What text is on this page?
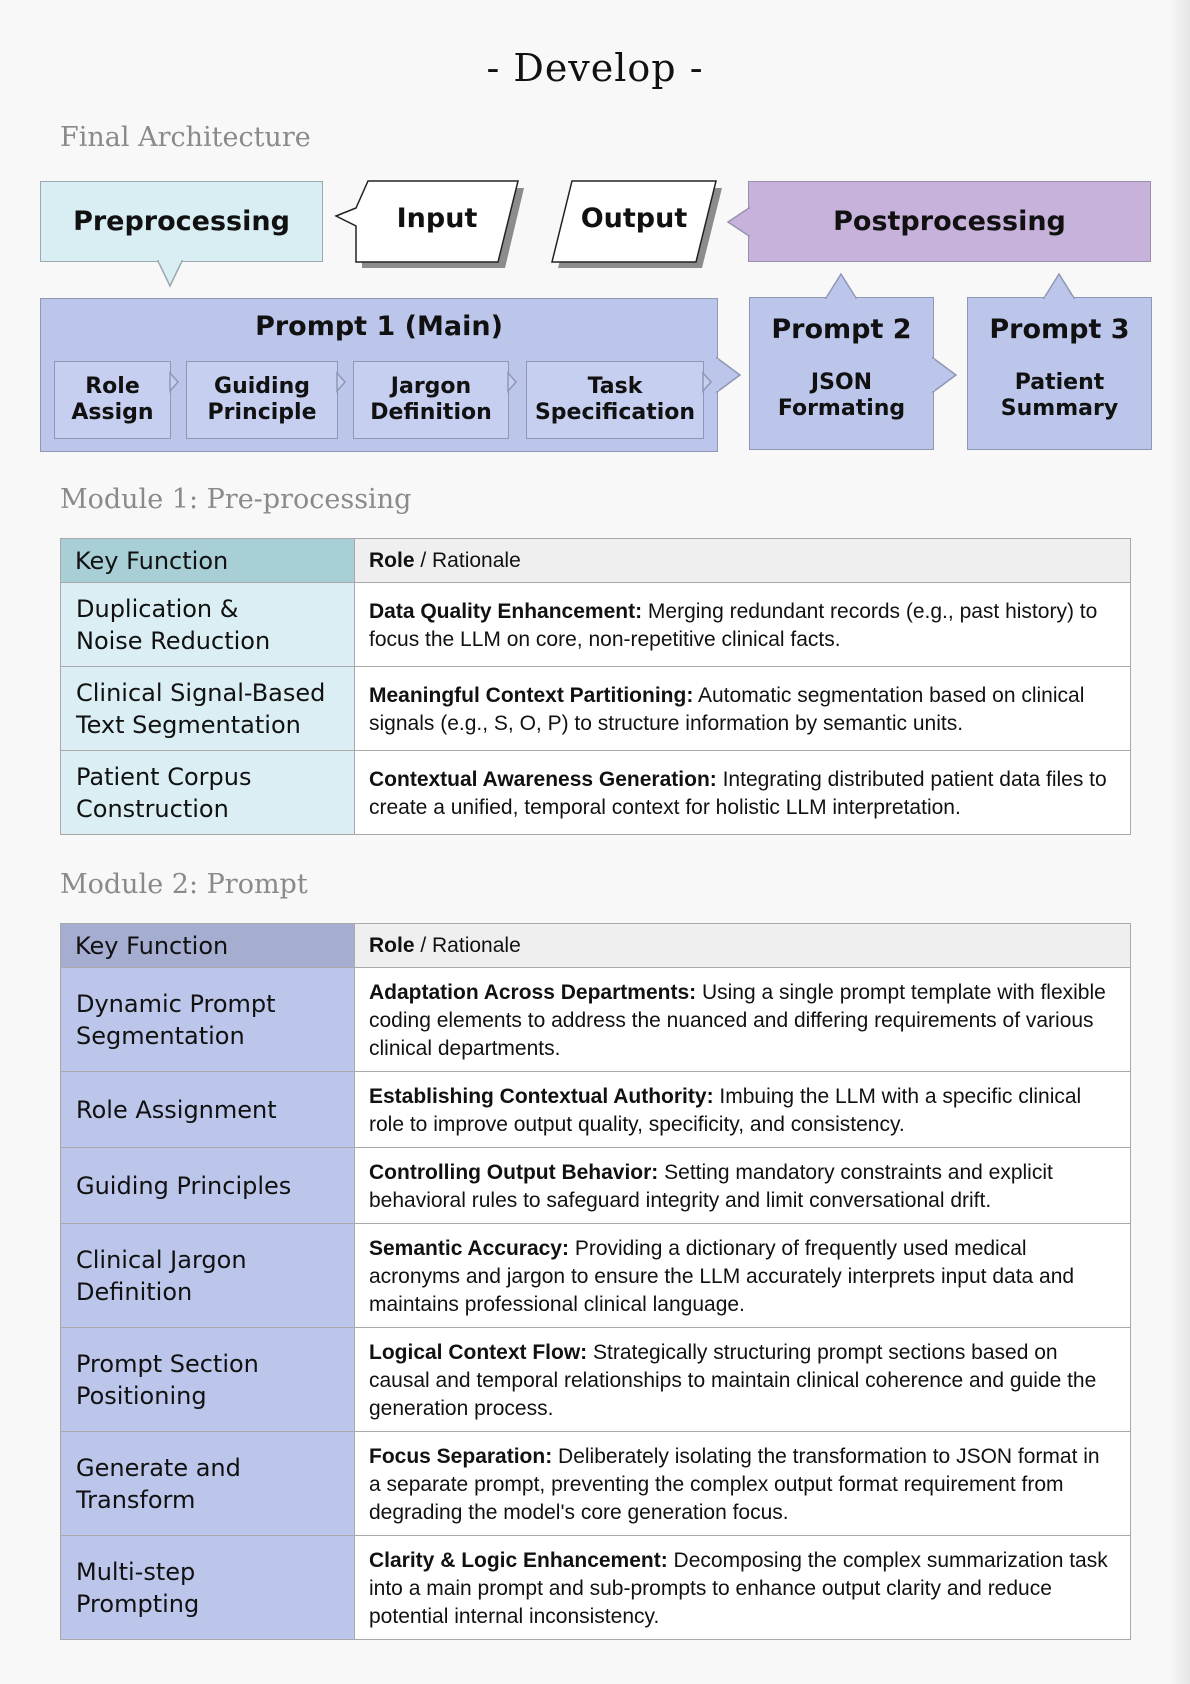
- Develop -
Final Architecture
Preprocessing	Postprocessing
Input	Output
Prompt 1 (Main)
Role
Assign
Guiding
Principle
Jargon
Definition
Task
Specification
Prompt 2
JSON
Formating
Prompt 3
Patient
Summary
Module 1: Pre-processing
Key Function	Role / Rationale
Duplication &
Noise Reduction	Data Quality Enhancement: Merging redundant records (e.g., past history) to focus the LLM on core, non-repetitive clinical facts.
Clinical Signal-Based
Text Segmentation	Meaningful Context Partitioning: Automatic segmentation based on clinical signals (e.g., S, O, P) to structure information by semantic units.
Patient Corpus
Construction	Contextual Awareness Generation: Integrating distributed patient data files to create a unified, temporal context for holistic LLM interpretation.
Module 2: Prompt
Key Function	Role / Rationale
Dynamic Prompt
Segmentation	Adaptation Across Departments: Using a single prompt template with flexible coding elements to address the nuanced and differing requirements of various clinical departments.
Role Assignment	Establishing Contextual Authority: Imbuing the LLM with a specific clinical role to improve output quality, specificity, and consistency.
Guiding Principles	Controlling Output Behavior: Setting mandatory constraints and explicit behavioral rules to safeguard integrity and limit conversational drift.
Clinical Jargon
Definition	Semantic Accuracy: Providing a dictionary of frequently used medical acronyms and jargon to ensure the LLM accurately interprets input data and maintains professional clinical language.
Prompt Section
Positioning	Logical Context Flow: Strategically structuring prompt sections based on causal and temporal relationships to maintain clinical coherence and guide the generation process.
Generate and
Transform	Focus Separation: Deliberately isolating the transformation to JSON format in a separate prompt, preventing the complex output format requirement from degrading the model's core generation focus.
Multi-step
Prompting	Clarity & Logic Enhancement: Decomposing the complex summarization task into a main prompt and sub-prompts to enhance output clarity and reduce potential internal inconsistency.
